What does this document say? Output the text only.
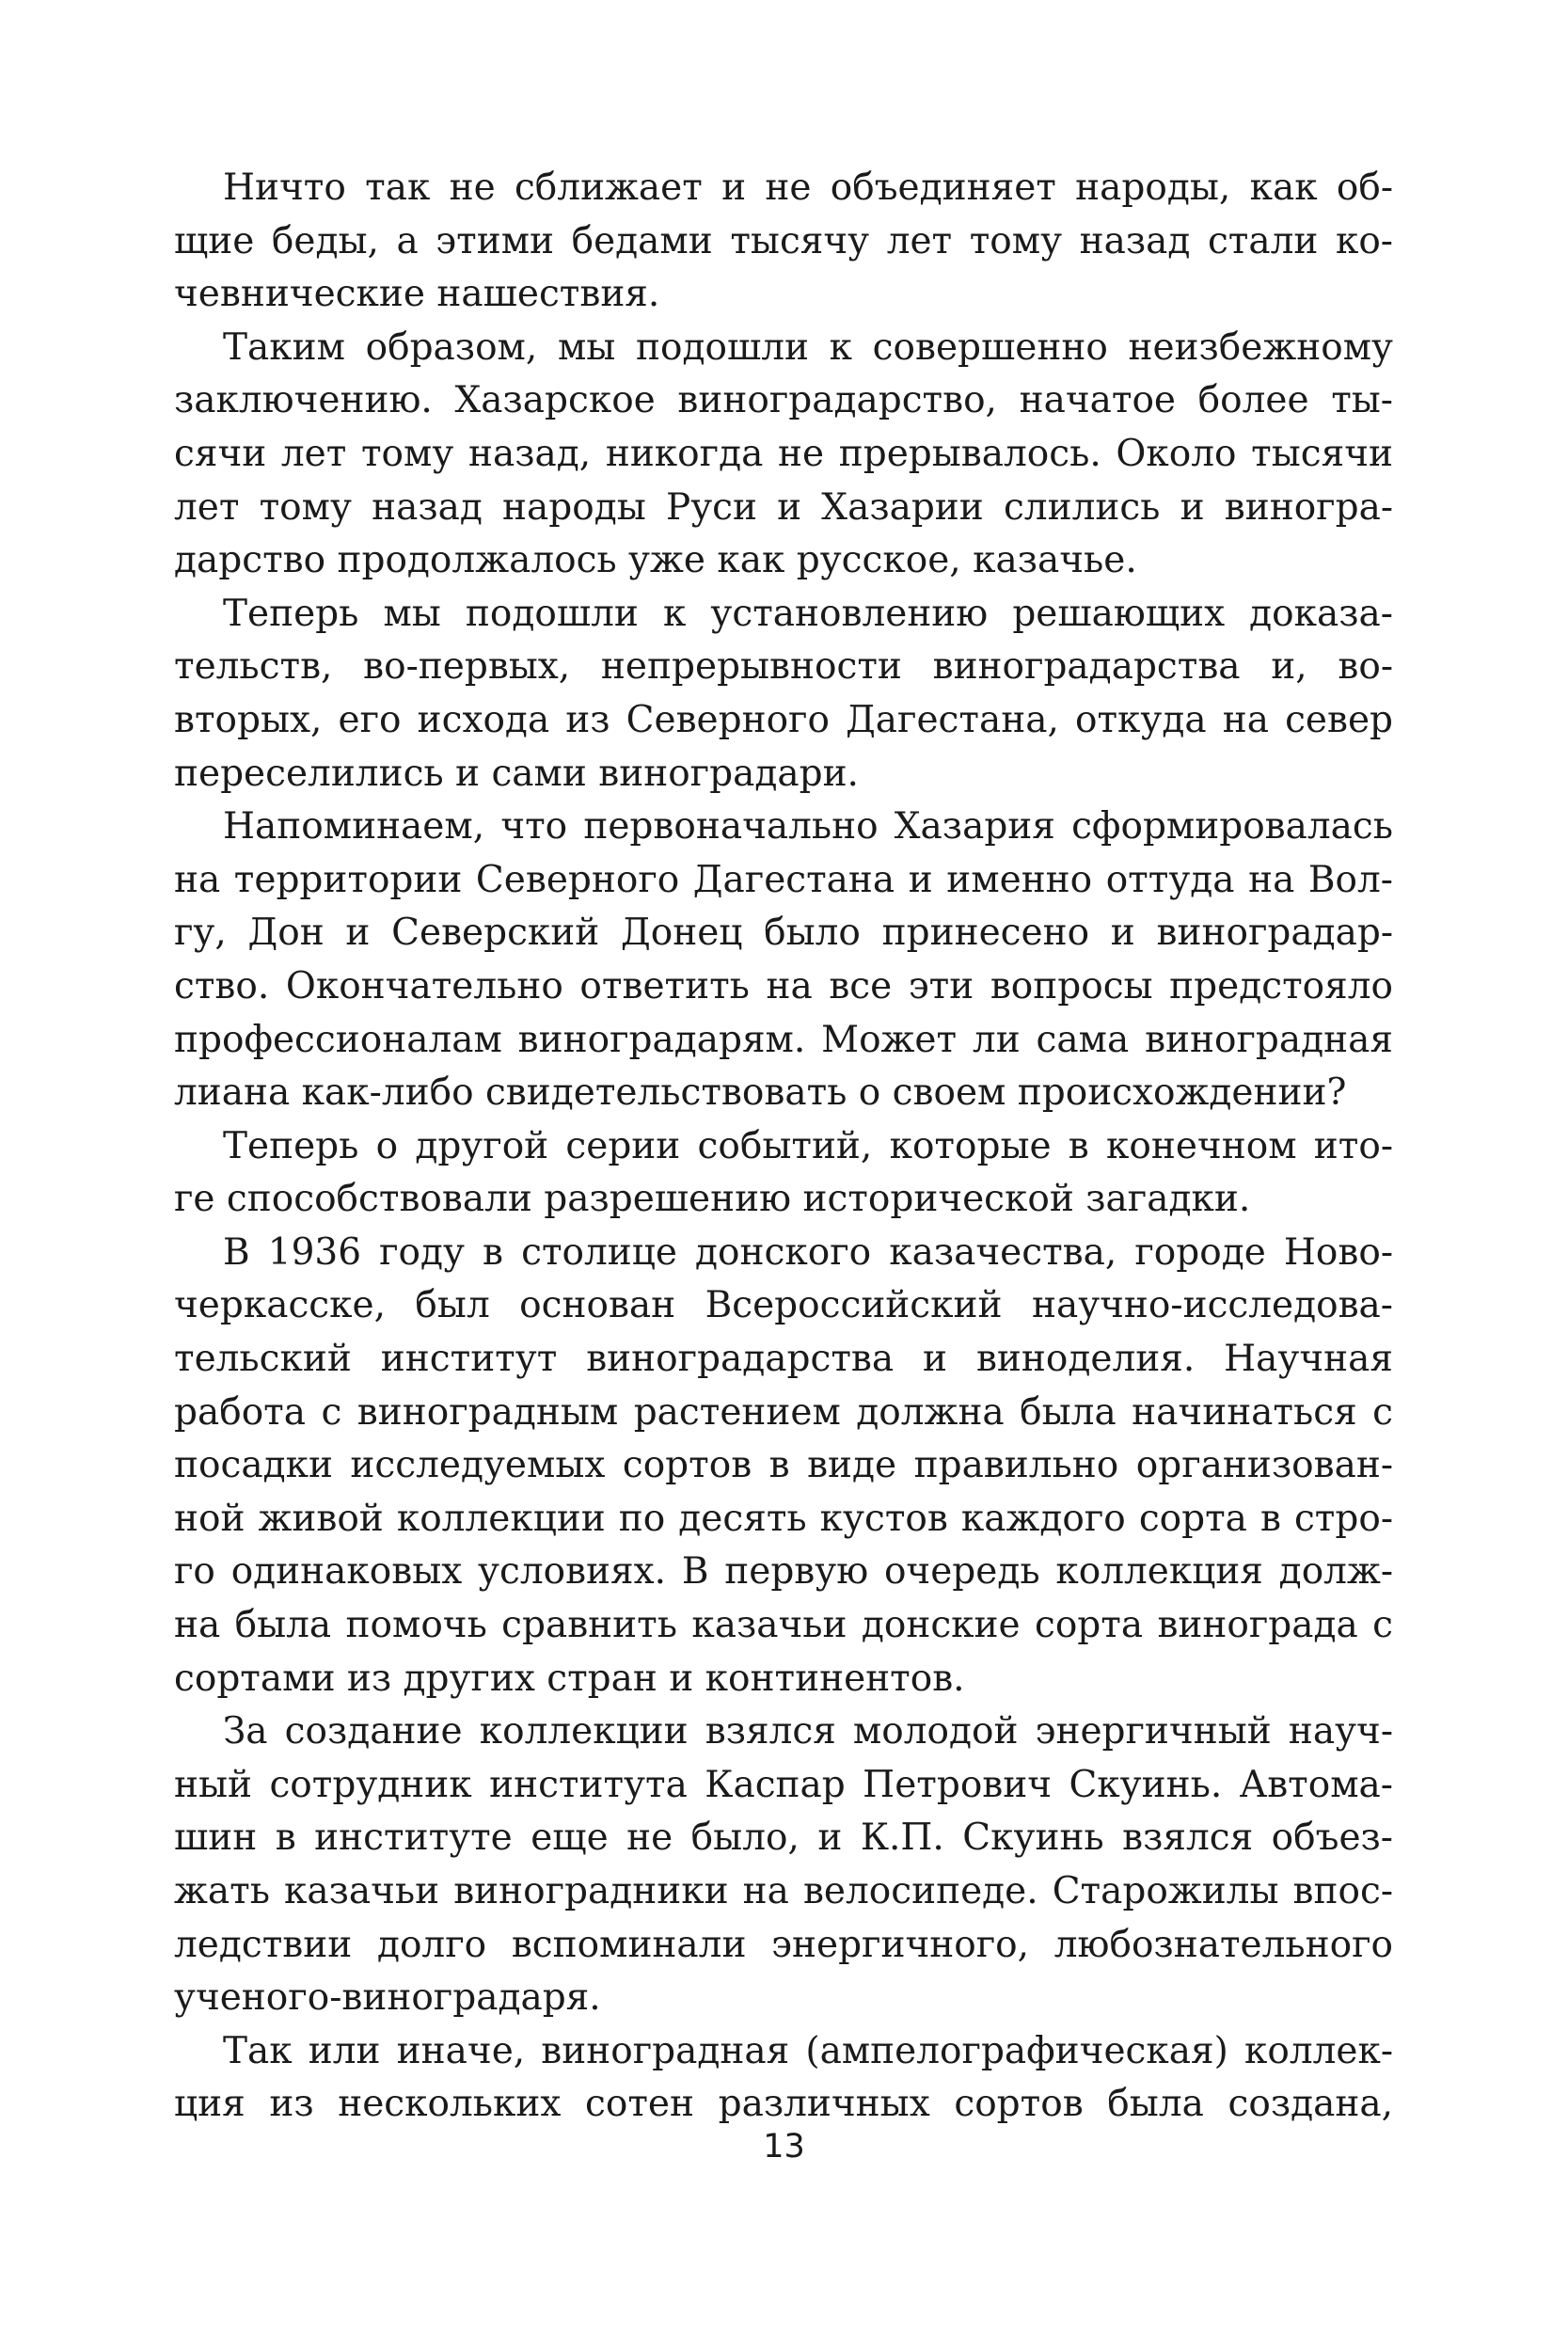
Ничто так не сближает и не объединяет народы, как об-
щие беды, а этими бедами тысячу лет тому назад стали ко-
чевнические нашествия.
Таким образом, мы подошли к совершенно неизбежному
заключению. Хазарское виноградарство, начатое более ты-
сячи лет тому назад, никогда не прерывалось. Около тысячи
лет тому назад народы Руси и Хазарии слились и виногра-
дарство продолжалось уже как русское, казачье.
Теперь мы подошли к установлению решающих доказа-
тельств, во-первых, непрерывности виноградарства и, во-
вторых, его исхода из Северного Дагестана, откуда на север
переселились и сами виноградари.
Напоминаем, что первоначально Хазария сформировалась
на территории Северного Дагестана и именно оттуда на Вол-
гу, Дон и Северский Донец было принесено и виноградар-
ство. Окончательно ответить на все эти вопросы предстояло
профессионалам виноградарям. Может ли сама виноградная
лиана как-либо свидетельствовать о своем происхождении?
Теперь о другой серии событий, которые в конечном ито-
ге способствовали разрешению исторической загадки.
В 1936 году в столице донского казачества, городе Ново-
черкасске, был основан Всероссийский научно-исследова-
тельский институт виноградарства и виноделия. Научная
работа с виноградным растением должна была начинаться с
посадки исследуемых сортов в виде правильно организован-
ной живой коллекции по десять кустов каждого сорта в стро-
го одинаковых условиях. В первую очередь коллекция долж-
на была помочь сравнить казачьи донские сорта винограда с
сортами из других стран и континентов.
За создание коллекции взялся молодой энергичный науч-
ный сотрудник института Каспар Петрович Скуинь. Автома-
шин в институте еще не было, и К.П. Скуинь взялся объез-
жать казачьи виноградники на велосипеде. Старожилы впос-
ледствии долго вспоминали энергичного, любознательного
ученого-виноградаря.
Так или иначе, виноградная (ампелографическая) коллек-
ция из нескольких сотен различных сортов была создана,
13
